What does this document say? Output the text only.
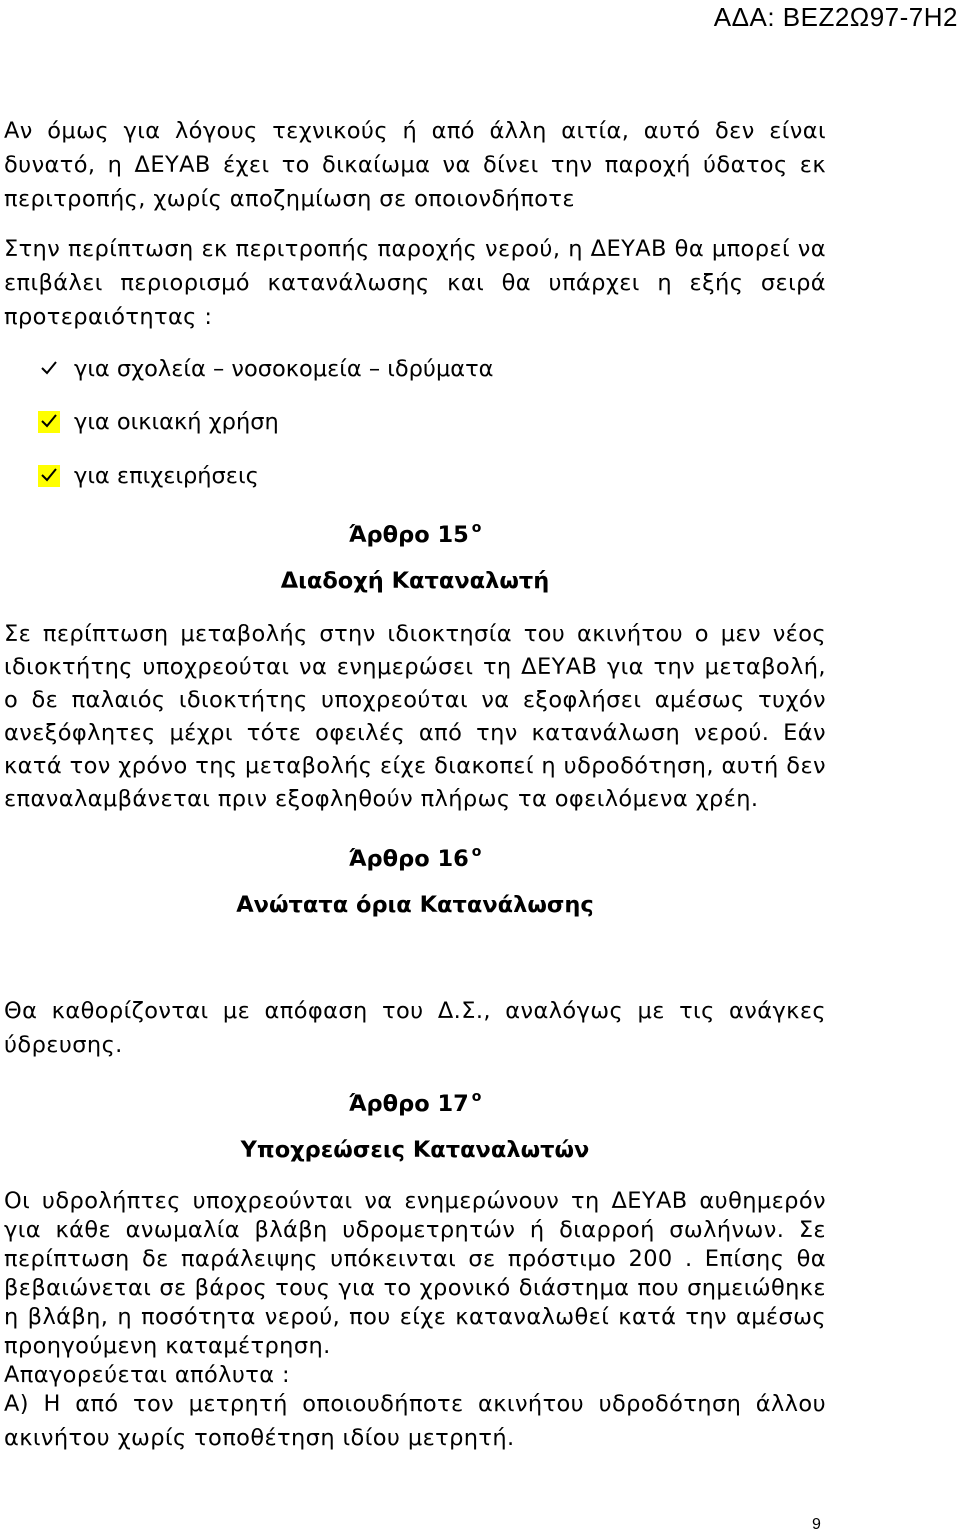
ΑΔΑ: ΒΕΖ2Ω97-7Η2

Αν όμως για λόγους τεχνικούς ή από άλλη αιτία, αυτό δεν είναι δυνατό, η ΔΕΥΑΒ έχει το δικαίωμα να δίνει την παροχή ύδατος εκ περιτροπής, χωρίς αποζημίωση σε οποιονδήποτε

Στην περίπτωση εκ περιτροπής παροχής νερού, η ΔΕΥΑΒ θα μπορεί να επιβάλει περιορισμό κατανάλωσης και θα υπάρχει η εξής σειρά προτεραιότητας :

για σχολεία – νοσοκομεία – ιδρύματα
για οικιακή χρήση
για επιχειρήσεις
Άρθρο 15 $^o$
Διαδοχή Καταναλωτή

Σε περίπτωση μεταβολής στην ιδιοκτησία του ακινήτου ο μεν νέος ιδιοκτήτης υποχρεούται να ενημερώσει τη ΔΕΥΑΒ για την μεταβολή, ο δε παλαιός ιδιοκτήτης υποχρεούται να εξοφλήσει αμέσως τυχόν ανεξόφλητες μέχρι τότε οφειλές από την κατανάλωση νερού. Εάν κατά τον χρόνο της μεταβολής είχε διακοπεί η υδροδότηση, αυτή δεν επαναλαμβάνεται πριν εξοφληθούν πλήρως τα οφειλόμενα χρέη.

Άρθρο 16 $^o$
Ανώτατα όρια Κατανάλωσης

Θα καθορίζονται με απόφαση του Δ.Σ., αναλόγως με τις ανάγκες ύδρευσης.

Άρθρο 17 $^o$
Υποχρεώσεις Καταναλωτών

Οι υδρολήπτες υποχρεούνται να ενημερώνουν τη ΔΕΥΑΒ αυθημερόν για κάθε ανωμαλία βλάβη υδρομετρητών ή διαρροή σωλήνων. Σε περίπτωση δε παράλειψης υπόκεινται σε πρόστιμο 200 . Επίσης θα βεβαιώνεται σε βάρος τους για το χρονικό διάστημα που σημειώθηκε η βλάβη, η ποσότητα νερού, που είχε καταναλωθεί κατά την αμέσως προηγούμενη καταμέτρηση.

Απαγορεύεται απόλυτα :

Α) Η από τον μετρητή οποιουδήποτε ακινήτου υδροδότηση άλλου ακινήτου χωρίς τοποθέτηση ιδίου μετρητή.

9
